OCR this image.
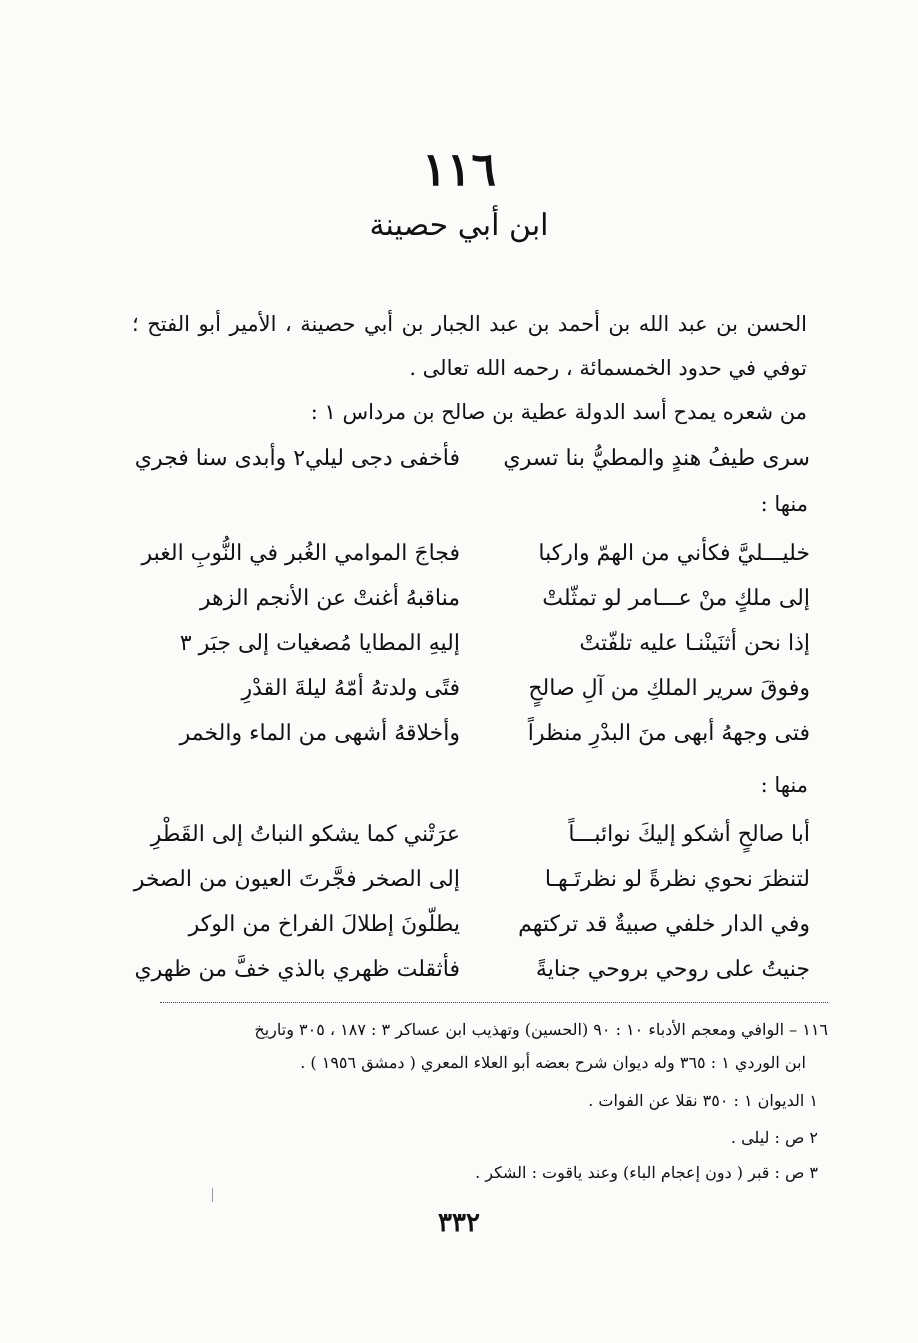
١١٦
ابن أبي حصينة
الحسن بن عبد الله بن أحمد بن عبد الجبار بن أبي حصينة ، الأمير أبو الفتح ؛ توفي في حدود الخمسمائة ، رحمه الله تعالى .
من شعره يمدح أسد الدولة عطية بن صالح بن مرداس ١ :
سرى طيفُ هندٍ والمطيُّ بنا تسري
فأخفى دجى ليلي٢ وأبدى سنا فجري
منها :
خليـــليَّ فكأني من الهمّ واركبا
فجاجَ الموامي الغُبر في النُّوبِ الغبر
إلى ملكٍ منْ عـــامر لو تمثّلتْ
مناقبهُ أغنتْ عن الأنجم الزهر
إذا نحن أثنَينْنـا عليه تلفّتتْ
إليهِ المطايا مُصغيات إلى جبَر ٣
وفوقَ سرير الملكِ من آلِ صالحٍ
فتًى ولدتهُ أمّهُ ليلةَ القدْرِ
فتى وجههُ أبهى منَ البدْرِ منظراً
وأخلاقهُ أشهى من الماء والخمر
منها :
أبا صالحٍ أشكو إليكَ نوائبـــاً
عرَتْني كما يشكو النباتُ إلى القَطْرِ
لتنظرَ نحوي نظرةً لو نظرتَـهـا
إلى الصخر فجَّرتَ العيون من الصخر
وفي الدار خلفي صبيةٌ قد تركتهم
يطلّونَ إطلالَ الفراخ من الوكر
جنيتُ على روحي بروحي جنايةً
فأثقلت ظهري بالذي خفَّ من ظهري
١١٦ – الوافي ومعجم الأدباء ١٠ : ٩٠ (الحسين) وتهذيب ابن عساكر ٣ : ١٨٧ ، ٣٠٥ وتاريخ
ابن الوردي ١ : ٣٦٥ وله ديوان شرح بعضه أبو العلاء المعري ( دمشق ١٩٥٦ ) .
١ الديوان ١ : ٣٥٠ نقلا عن الفوات .
٢ ص : ليلى .
٣ ص : قبر ( دون إعجام الباء) وعند ياقوت : الشكر .
٣٣٢
